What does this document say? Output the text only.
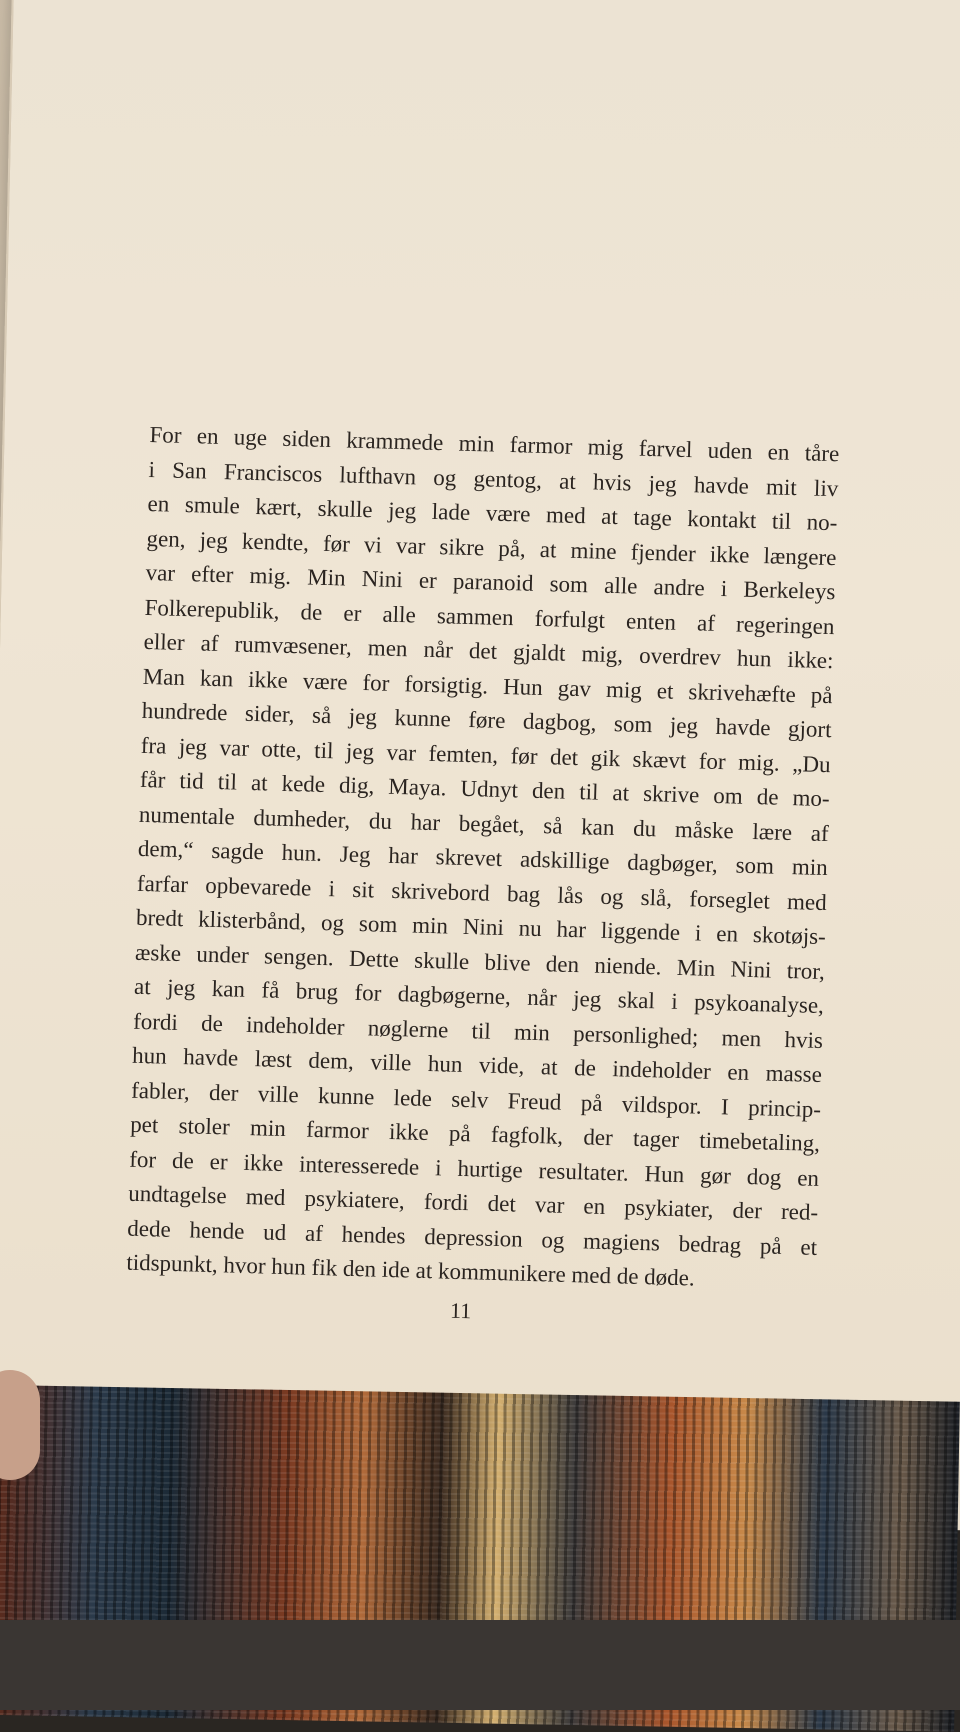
For en uge siden krammede min farmor mig farvel uden en tåre
i San Franciscos lufthavn og gentog, at hvis jeg havde mit liv
en smule kært, skulle jeg lade være med at tage kontakt til no-
gen, jeg kendte, før vi var sikre på, at mine fjender ikke længere
var efter mig. Min Nini er paranoid som alle andre i Berkeleys
Folkerepublik, de er alle sammen forfulgt enten af regeringen
eller af rumvæsener, men når det gjaldt mig, overdrev hun ikke:
Man kan ikke være for forsigtig. Hun gav mig et skrivehæfte på
hundrede sider, så jeg kunne føre dagbog, som jeg havde gjort
fra jeg var otte, til jeg var femten, før det gik skævt for mig. „Du
får tid til at kede dig, Maya. Udnyt den til at skrive om de mo-
numentale dumheder, du har begået, så kan du måske lære af
dem,“ sagde hun. Jeg har skrevet adskillige dagbøger, som min
farfar opbevarede i sit skrivebord bag lås og slå, forseglet med
bredt klisterbånd, og som min Nini nu har liggende i en skotøjs-
æske under sengen. Dette skulle blive den niende. Min Nini tror,
at jeg kan få brug for dagbøgerne, når jeg skal i psykoanalyse,
fordi de indeholder nøglerne til min personlighed; men hvis
hun havde læst dem, ville hun vide, at de indeholder en masse
fabler, der ville kunne lede selv Freud på vildspor. I princip-
pet stoler min farmor ikke på fagfolk, der tager timebetaling,
for de er ikke interesserede i hurtige resultater. Hun gør dog en
undtagelse med psykiatere, fordi det var en psykiater, der red-
dede hende ud af hendes depression og magiens bedrag på et
tidspunkt, hvor hun fik den ide at kommunikere med de døde.
11
